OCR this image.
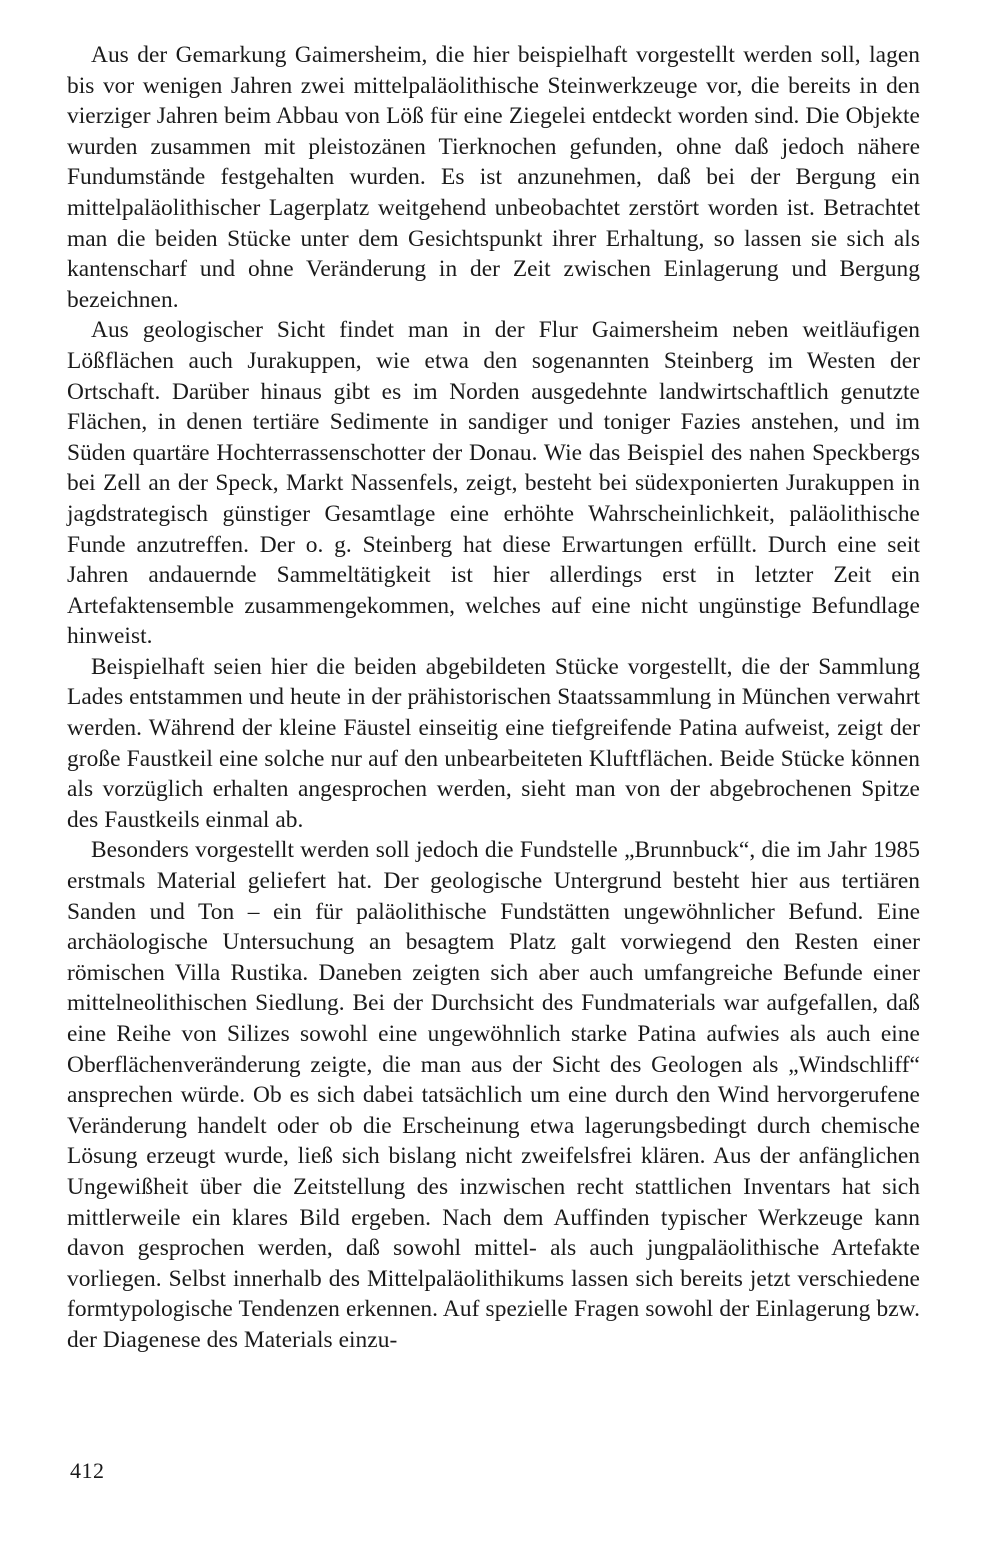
Aus der Gemarkung Gaimersheim, die hier beispielhaft vorgestellt werden soll, lagen bis vor wenigen Jahren zwei mittelpaläolithische Steinwerkzeuge vor, die bereits in den vierziger Jahren beim Abbau von Löß für eine Ziegelei entdeckt worden sind. Die Objekte wurden zusammen mit pleistozänen Tierknochen gefunden, ohne daß jedoch nähere Fundumstände festgehalten wurden. Es ist anzunehmen, daß bei der Bergung ein mittelpaläolithischer Lagerplatz weitgehend unbeobachtet zerstört worden ist. Betrachtet man die beiden Stücke unter dem Gesichtspunkt ihrer Erhaltung, so lassen sie sich als kantenscharf und ohne Veränderung in der Zeit zwischen Einlagerung und Bergung bezeichnen.

Aus geologischer Sicht findet man in der Flur Gaimersheim neben weitläufigen Lößflächen auch Jurakuppen, wie etwa den sogenannten Steinberg im Westen der Ortschaft. Darüber hinaus gibt es im Norden ausgedehnte landwirtschaftlich genutzte Flächen, in denen tertiäre Sedimente in sandiger und toniger Fazies anstehen, und im Süden quartäre Hochterrassenschotter der Donau. Wie das Beispiel des nahen Speckbergs bei Zell an der Speck, Markt Nassenfels, zeigt, besteht bei südexponierten Jurakuppen in jagdstrategisch günstiger Gesamtlage eine erhöhte Wahrscheinlichkeit, paläolithische Funde anzutreffen. Der o. g. Steinberg hat diese Erwartungen erfüllt. Durch eine seit Jahren andauernde Sammeltätigkeit ist hier allerdings erst in letzter Zeit ein Artefaktensemble zusammengekommen, welches auf eine nicht ungünstige Befundlage hinweist.

Beispielhaft seien hier die beiden abgebildeten Stücke vorgestellt, die der Sammlung Lades entstammen und heute in der prähistorischen Staatssammlung in München verwahrt werden. Während der kleine Fäustel einseitig eine tiefgreifende Patina aufweist, zeigt der große Faustkeil eine solche nur auf den unbearbeiteten Kluftflächen. Beide Stücke können als vorzüglich erhalten angesprochen werden, sieht man von der abgebrochenen Spitze des Faustkeils einmal ab.

Besonders vorgestellt werden soll jedoch die Fundstelle „Brunnbuck“, die im Jahr 1985 erstmals Material geliefert hat. Der geologische Untergrund besteht hier aus tertiären Sanden und Ton – ein für paläolithische Fundstätten ungewöhnlicher Befund. Eine archäologische Untersuchung an besagtem Platz galt vorwiegend den Resten einer römischen Villa Rustika. Daneben zeigten sich aber auch umfangreiche Befunde einer mittelneolithischen Siedlung. Bei der Durchsicht des Fundmaterials war aufgefallen, daß eine Reihe von Silizes sowohl eine ungewöhnlich starke Patina aufwies als auch eine Oberflächenveränderung zeigte, die man aus der Sicht des Geologen als „Windschliff“ ansprechen würde. Ob es sich dabei tatsächlich um eine durch den Wind hervorgerufene Veränderung handelt oder ob die Erscheinung etwa lagerungsbedingt durch chemische Lösung erzeugt wurde, ließ sich bislang nicht zweifelsfrei klären. Aus der anfänglichen Ungewißheit über die Zeitstellung des inzwischen recht stattlichen Inventars hat sich mittlerweile ein klares Bild ergeben. Nach dem Auffinden typischer Werkzeuge kann davon gesprochen werden, daß sowohl mittel- als auch jungpaläolithische Artefakte vorliegen. Selbst innerhalb des Mittelpaläolithikums lassen sich bereits jetzt verschiedene formtypologische Tendenzen erkennen. Auf spezielle Fragen sowohl der Einlagerung bzw. der Diagenese des Materials einzu-

412
